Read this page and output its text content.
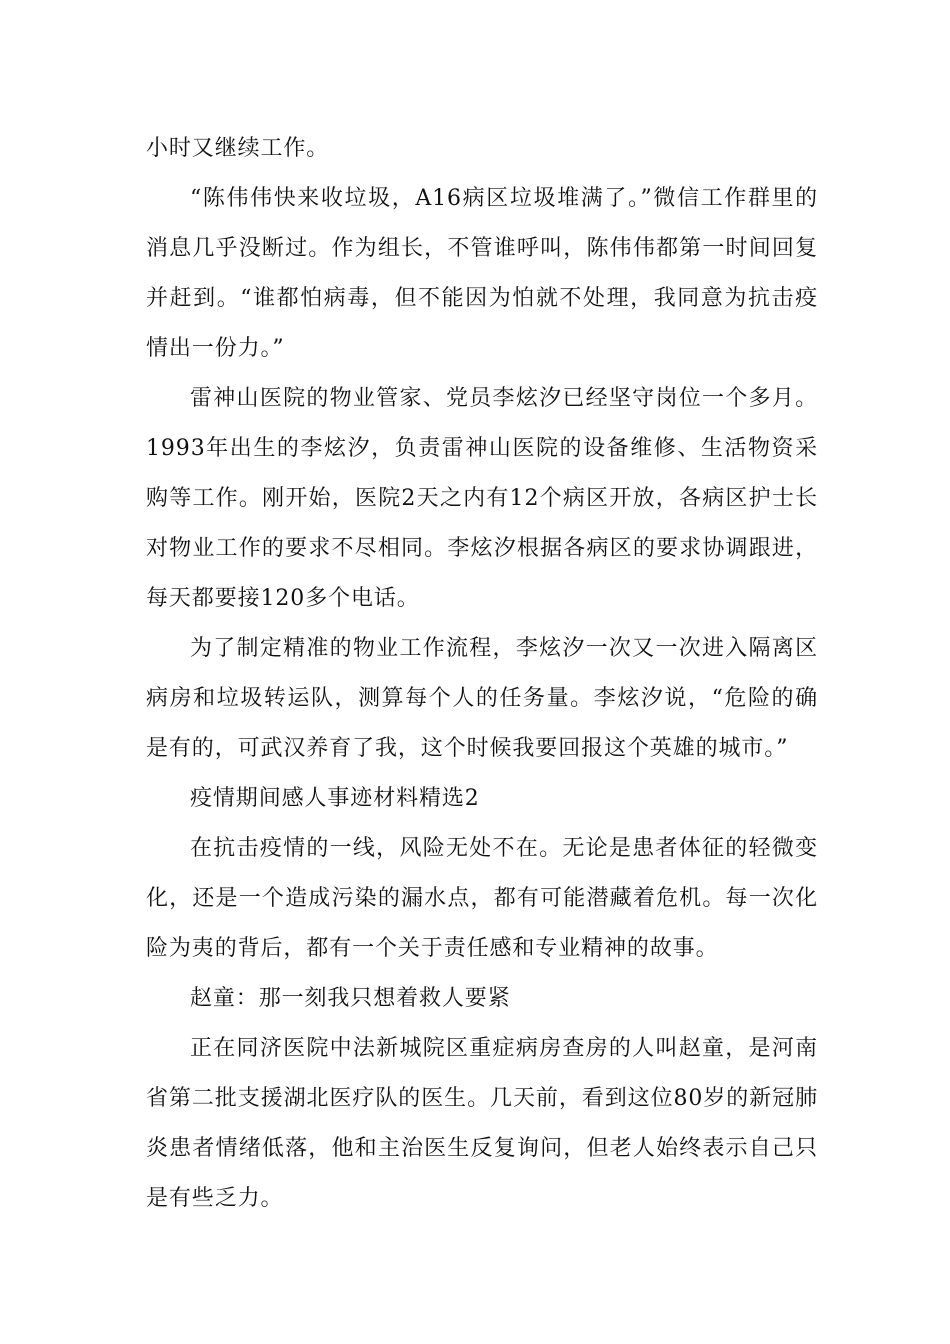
小时又继续工作。

“陈伟伟快来收垃圾，A16病区垃圾堆满了。”微信工作群里的消息几乎没断过。作为组长，不管谁呼叫，陈伟伟都第一时间回复并赶到。“谁都怕病毒，但不能因为怕就不处理，我同意为抗击疫情出一份力。”

雷神山医院的物业管家、党员李炫汐已经坚守岗位一个多月。1993年出生的李炫汐，负责雷神山医院的设备维修、生活物资采购等工作。刚开始，医院2天之内有12个病区开放，各病区护士长对物业工作的要求不尽相同。李炫汐根据各病区的要求协调跟进，每天都要接120多个电话。

为了制定精准的物业工作流程，李炫汐一次又一次进入隔离区病房和垃圾转运队，测算每个人的任务量。李炫汐说，“危险的确是有的，可武汉养育了我，这个时候我要回报这个英雄的城市。”

疫情期间感人事迹材料精选2

在抗击疫情的一线，风险无处不在。无论是患者体征的轻微变化，还是一个造成污染的漏水点，都有可能潜藏着危机。每一次化险为夷的背后，都有一个关于责任感和专业精神的故事。

赵童：那一刻我只想着救人要紧

正在同济医院中法新城院区重症病房查房的人叫赵童，是河南省第二批支援湖北医疗队的医生。几天前，看到这位80岁的新冠肺炎患者情绪低落，他和主治医生反复询问，但老人始终表示自己只是有些乏力。
